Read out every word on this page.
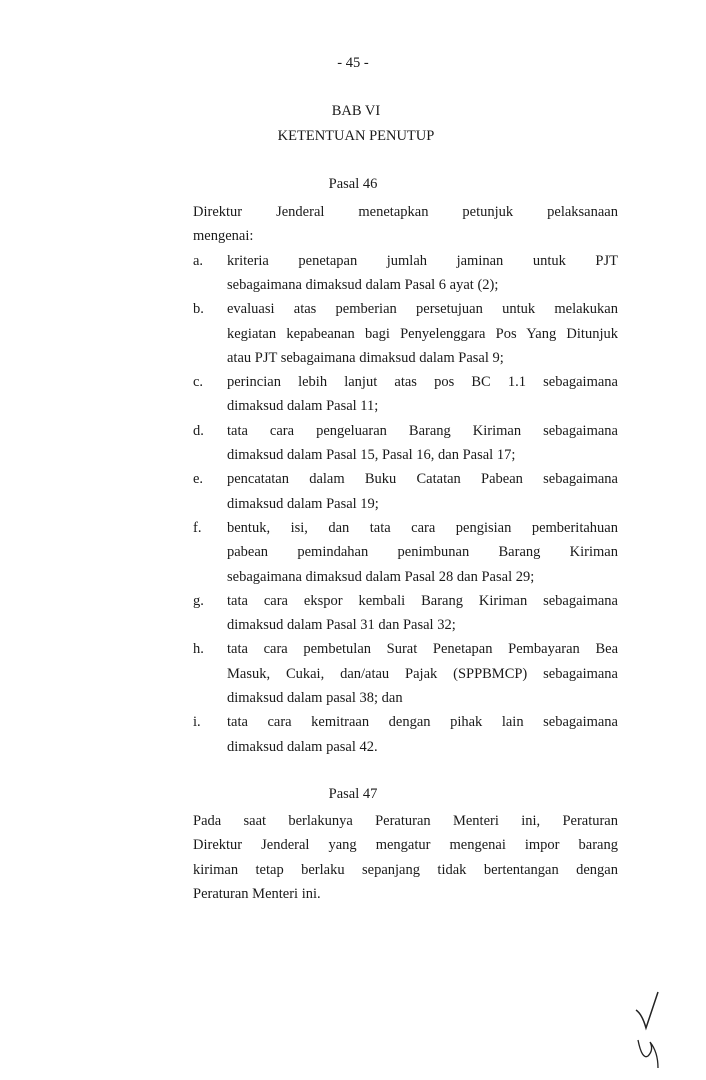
- 45 -
BAB VI
KETENTUAN PENUTUP
Pasal 46
Direktur Jenderal menetapkan petunjuk pelaksanaan
mengenai:
a. kriteria penetapan jumlah jaminan untuk PJT
sebagaimana dimaksud dalam Pasal 6 ayat (2);
b. evaluasi atas pemberian persetujuan untuk melakukan
kegiatan kepabeanan bagi Penyelenggara Pos Yang Ditunjuk
atau PJT sebagaimana dimaksud dalam Pasal 9;
c. perincian lebih lanjut atas pos BC 1.1 sebagaimana
dimaksud dalam Pasal 11;
d. tata cara pengeluaran Barang Kiriman sebagaimana
dimaksud dalam Pasal 15, Pasal 16, dan Pasal 17;
e. pencatatan dalam Buku Catatan Pabean sebagaimana
dimaksud dalam Pasal 19;
f. bentuk, isi, dan tata cara pengisian pemberitahuan
pabean pemindahan penimbunan Barang Kiriman
sebagaimana dimaksud dalam Pasal 28 dan Pasal 29;
g. tata cara ekspor kembali Barang Kiriman sebagaimana
dimaksud dalam Pasal 31 dan Pasal 32;
h. tata cara pembetulan Surat Penetapan Pembayaran Bea
Masuk, Cukai, dan/atau Pajak (SPPBMCP) sebagaimana
dimaksud dalam pasal 38; dan
i. tata cara kemitraan dengan pihak lain sebagaimana
dimaksud dalam pasal 42.
Pasal 47
Pada saat berlakunya Peraturan Menteri ini, Peraturan
Direktur Jenderal yang mengatur mengenai impor barang
kiriman tetap berlaku sepanjang tidak bertentangan dengan
Peraturan Menteri ini.
